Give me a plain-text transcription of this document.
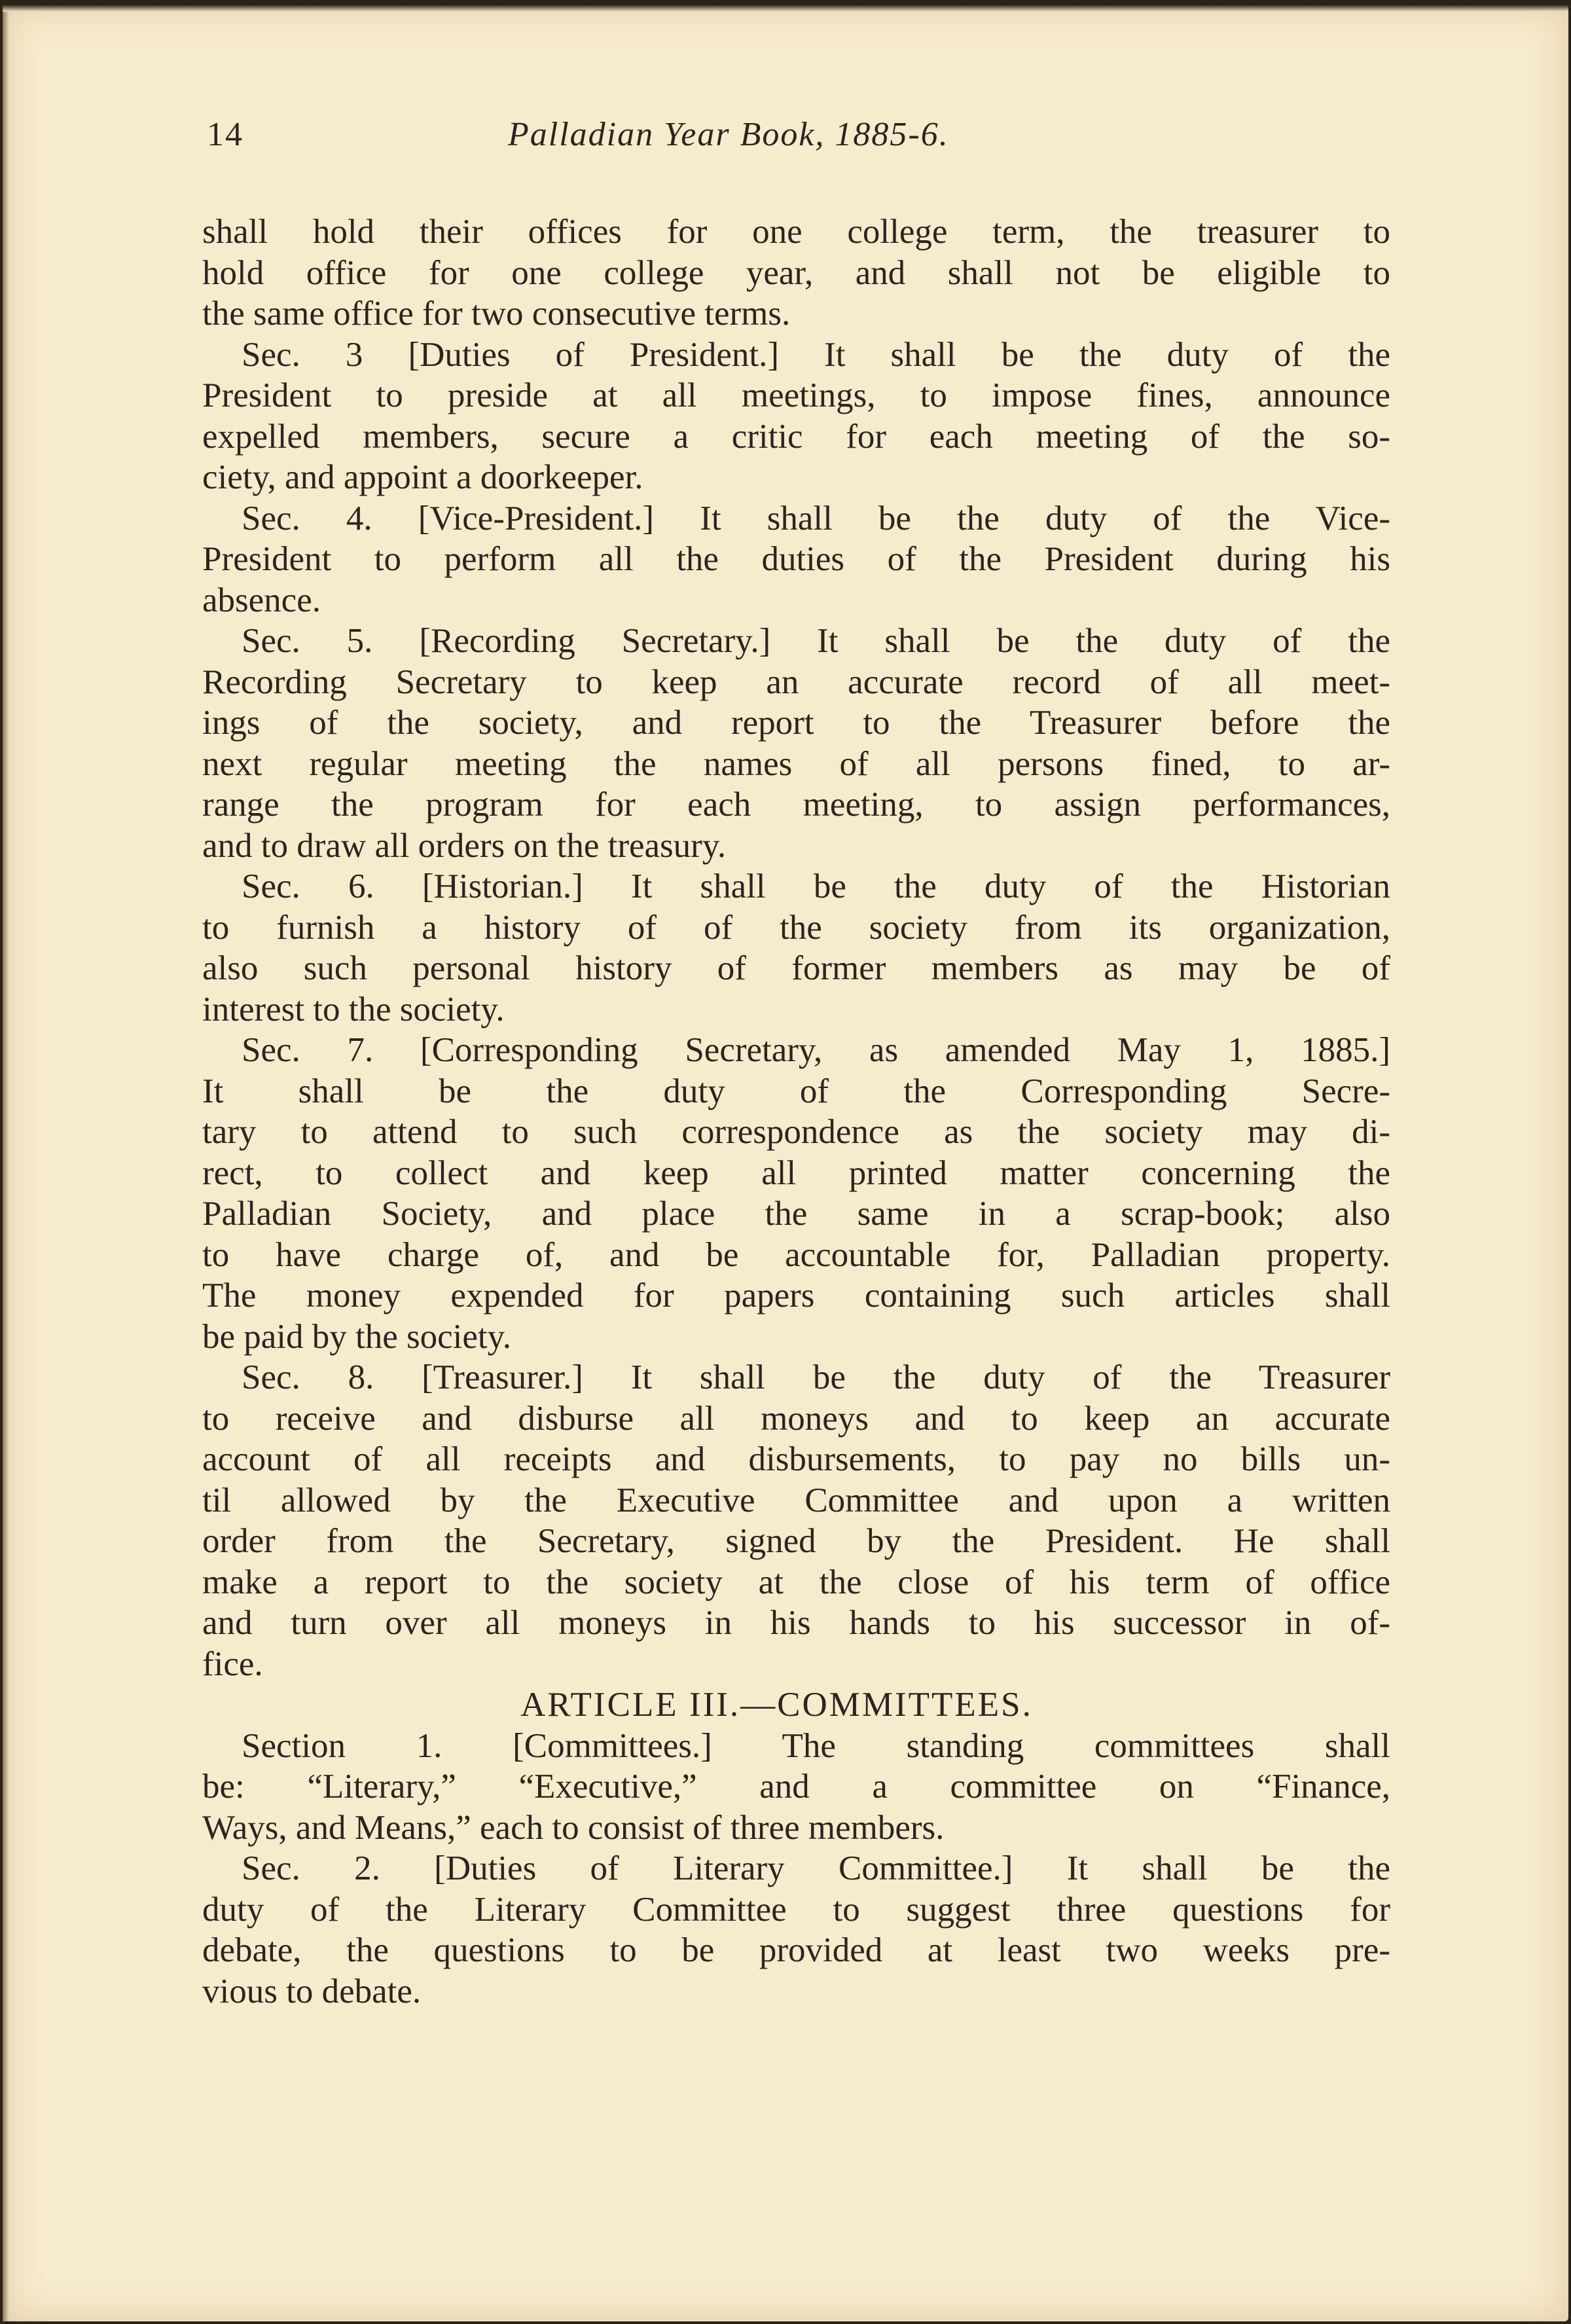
14	Palladian Year Book, 1885-6.
shall hold their offices for one college term, the treasurer to
hold office for one college year, and shall not be eligible to
the same office for two consecutive terms.
Sec. 3 [Duties of President.] It shall be the duty of the
President to preside at all meetings, to impose fines, announce
expelled members, secure a critic for each meeting of the so-
ciety, and appoint a doorkeeper.
Sec. 4. [Vice-President.] It shall be the duty of the Vice-
President to perform all the duties of the President during his
absence.
Sec. 5. [Recording Secretary.] It shall be the duty of the
Recording Secretary to keep an accurate record of all meet-
ings of the society, and report to the Treasurer before the
next regular meeting the names of all persons fined, to ar-
range the program for each meeting, to assign performances,
and to draw all orders on the treasury.
Sec. 6. [Historian.] It shall be the duty of the Historian
to furnish a history of of the society from its organization,
also such personal history of former members as may be of
interest to the society.
Sec. 7. [Corresponding Secretary, as amended May 1, 1885.]
It shall be the duty of the Corresponding Secre-
tary to attend to such correspondence as the society may di-
rect, to collect and keep all printed matter concerning the
Palladian Society, and place the same in a scrap-book; also
to have charge of, and be accountable for, Palladian property.
The money expended for papers containing such articles shall
be paid by the society.
Sec. 8. [Treasurer.] It shall be the duty of the Treasurer
to receive and disburse all moneys and to keep an accurate
account of all receipts and disbursements, to pay no bills un-
til allowed by the Executive Committee and upon a written
order from the Secretary, signed by the President. He shall
make a report to the society at the close of his term of office
and turn over all moneys in his hands to his successor in of-
fice.
ARTICLE III.—COMMITTEES.
Section 1. [Committees.] The standing committees shall
be: “Literary,” “Executive,” and a committee on “Finance,
Ways, and Means,” each to consist of three members.
Sec. 2. [Duties of Literary Committee.] It shall be the
duty of the Literary Committee to suggest three questions for
debate, the questions to be provided at least two weeks pre-
vious to debate.
